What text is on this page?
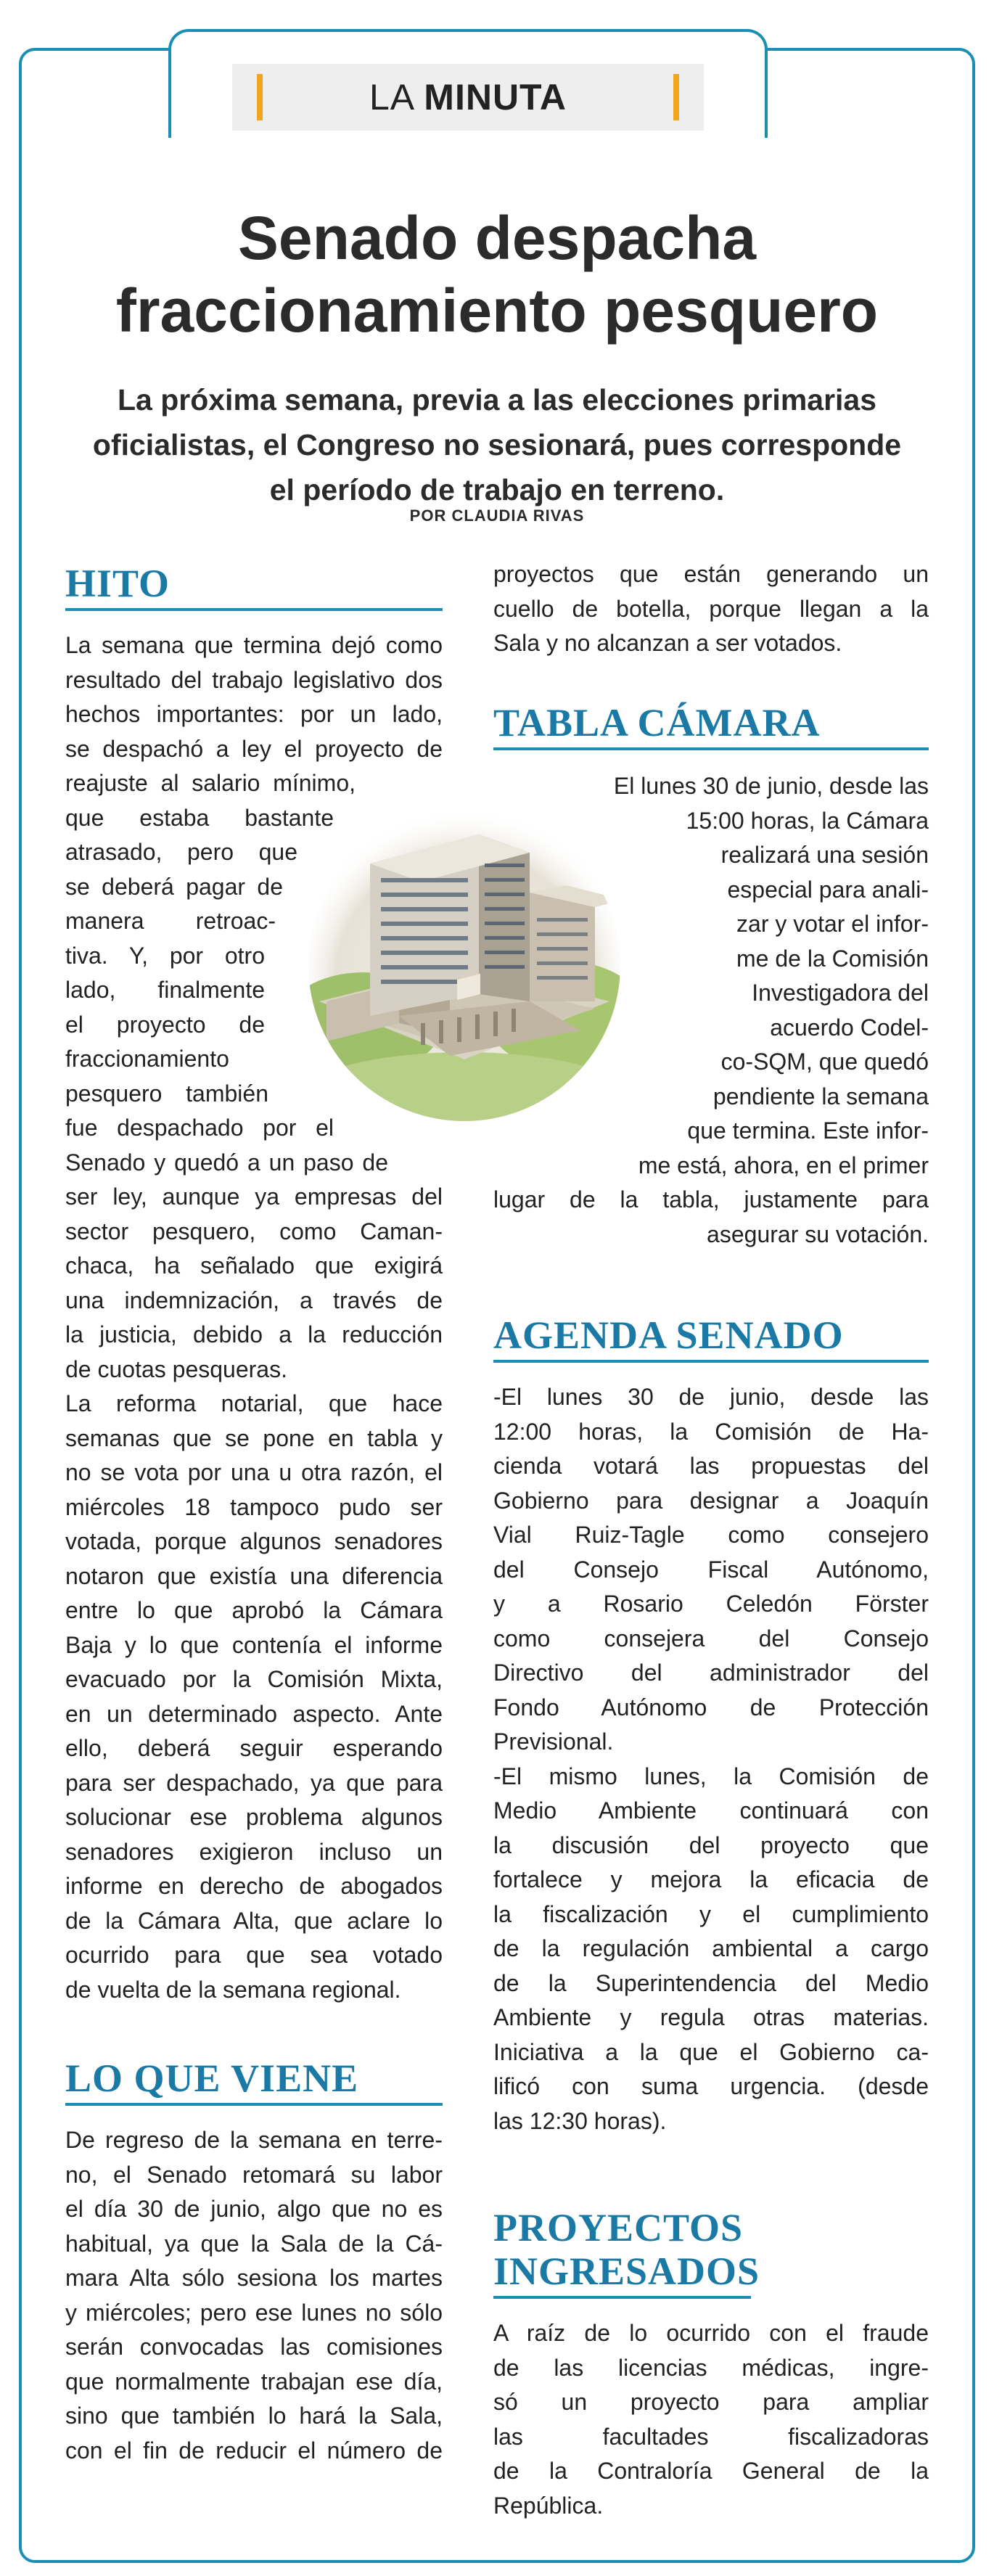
LA MINUTA
Senado despacha
fraccionamiento pesquero

La próxima semana, previa a las elecciones primarias
oficialistas, el Congreso no sesionará, pues corresponde
el período de trabajo en terreno.

POR CLAUDIA RIVAS
HITO

La semana que termina dejó como
resultado del trabajo legislativo dos
hechos importantes: por un lado,
se despachó a ley el proyecto de
reajuste al salario mínimo,
que estaba bastante
atrasado, pero que
se deberá pagar de
manera retroac-
tiva. Y, por otro
lado, finalmente
el proyecto de
fraccionamiento
pesquero también
fue despachado por el
Senado y quedó a un paso de
ser ley, aunque ya empresas del
sector pesquero, como Caman-
chaca, ha señalado que exigirá
una indemnización, a través de
la justicia, debido a la reducción
de cuotas pesqueras.
La reforma notarial, que hace
semanas que se pone en tabla y
no se vota por una u otra razón, el
miércoles 18 tampoco pudo ser
votada, porque algunos senadores
notaron que existía una diferencia
entre lo que aprobó la Cámara
Baja y lo que contenía el informe
evacuado por la Comisión Mixta,
en un determinado aspecto. Ante
ello, deberá seguir esperando
para ser despachado, ya que para
solucionar ese problema algunos
senadores exigieron incluso un
informe en derecho de abogados
de la Cámara Alta, que aclare lo
ocurrido para que sea votado
de vuelta de la semana regional.

LO QUE VIENE

De regreso de la semana en terre-
no, el Senado retomará su labor
el día 30 de junio, algo que no es
habitual, ya que la Sala de la Cá-
mara Alta sólo sesiona los martes
y miércoles; pero ese lunes no sólo
serán convocadas las comisiones
que normalmente trabajan ese día,
sino que también lo hará la Sala,
con el fin de reducir el número de

proyectos que están generando un
cuello de botella, porque llegan a la
Sala y no alcanzan a ser votados.

TABLA CÁMARA

El lunes 30 de junio, desde las
15:00 horas, la Cámara
realizará una sesión
especial para anali-
zar y votar el infor-
me de la Comisión
Investigadora del
acuerdo Codel-
co-SQM, que quedó
pendiente la semana
que termina. Este infor-
me está, ahora, en el primer
lugar de la tabla, justamente para
asegurar su votación.

AGENDA SENADO

-El lunes 30 de junio, desde las
12:00 horas, la Comisión de Ha-
cienda votará las propuestas del
Gobierno para designar a Joaquín
Vial Ruiz-Tagle como consejero
del Consejo Fiscal Autónomo,
y a Rosario Celedón Förster
como consejera del Consejo
Directivo del administrador del
Fondo Autónomo de Protección
Previsional.
-El mismo lunes, la Comisión de
Medio Ambiente continuará con
la discusión del proyecto que
fortalece y mejora la eficacia de
la fiscalización y el cumplimiento
de la regulación ambiental a cargo
de la Superintendencia del Medio
Ambiente y regula otras materias.
Iniciativa a la que el Gobierno ca-
lificó con suma urgencia. (desde
las 12:30 horas).

PROYECTOS
INGRESADOS

A raíz de lo ocurrido con el fraude
de las licencias médicas, ingre-
só un proyecto para ampliar
las facultades fiscalizadoras
de la Contraloría General de la
República.
